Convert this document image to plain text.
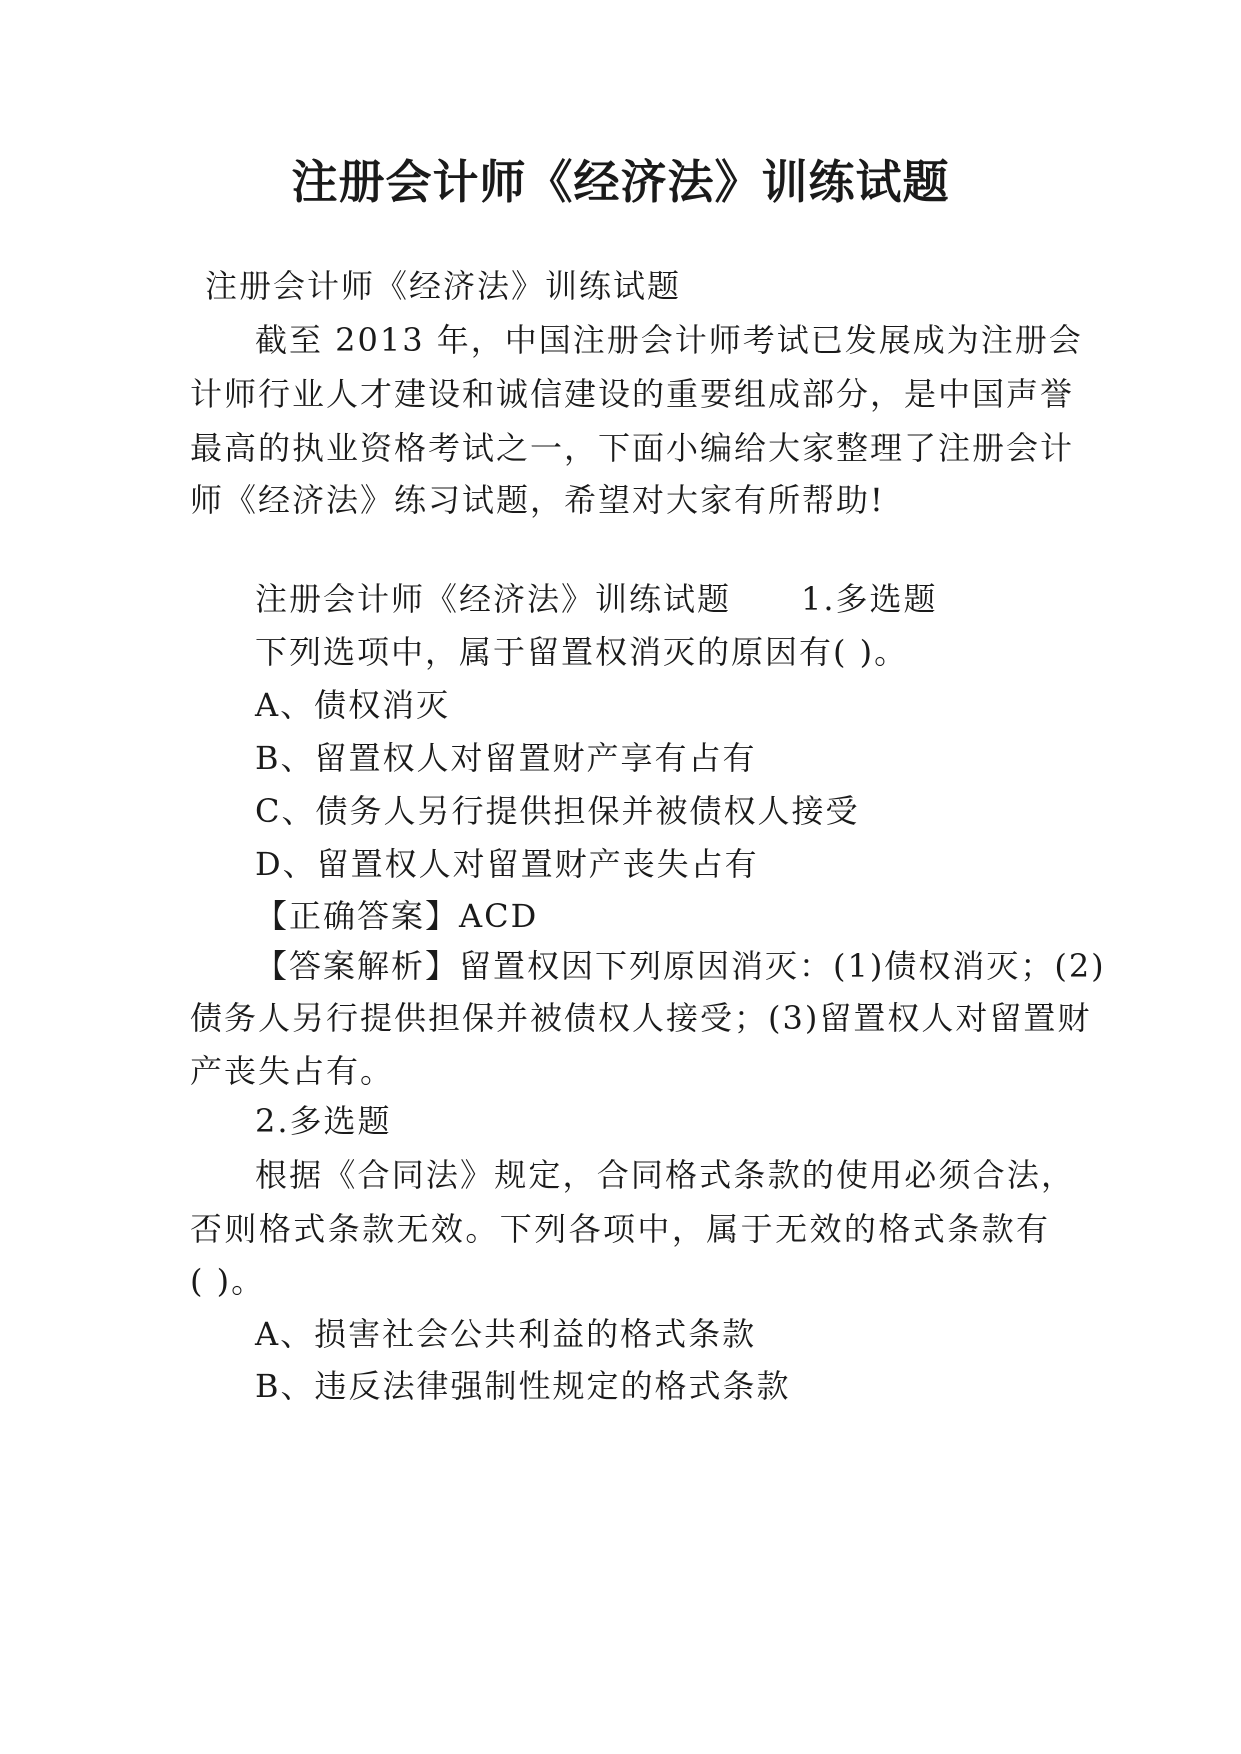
注册会计师《经济法》训练试题
注册会计师《经济法》训练试题
截至 2013 年，中国注册会计师考试已发展成为注册会
计师行业人才建设和诚信建设的重要组成部分，是中国声誉
最高的执业资格考试之一，下面小编给大家整理了注册会计
师《经济法》练习试题，希望对大家有所帮助!
注册会计师《经济法》训练试题 1.多选题
下列选项中，属于留置权消灭的原因有( )。
A、债权消灭
B、留置权人对留置财产享有占有
C、债务人另行提供担保并被债权人接受
D、留置权人对留置财产丧失占有
【正确答案】ACD
【答案解析】留置权因下列原因消灭：(1)债权消灭；(2)
债务人另行提供担保并被债权人接受；(3)留置权人对留置财
产丧失占有。
2.多选题
根据《合同法》规定，合同格式条款的使用必须合法，
否则格式条款无效。下列各项中，属于无效的格式条款有
( )。
A、损害社会公共利益的格式条款
B、违反法律强制性规定的格式条款
